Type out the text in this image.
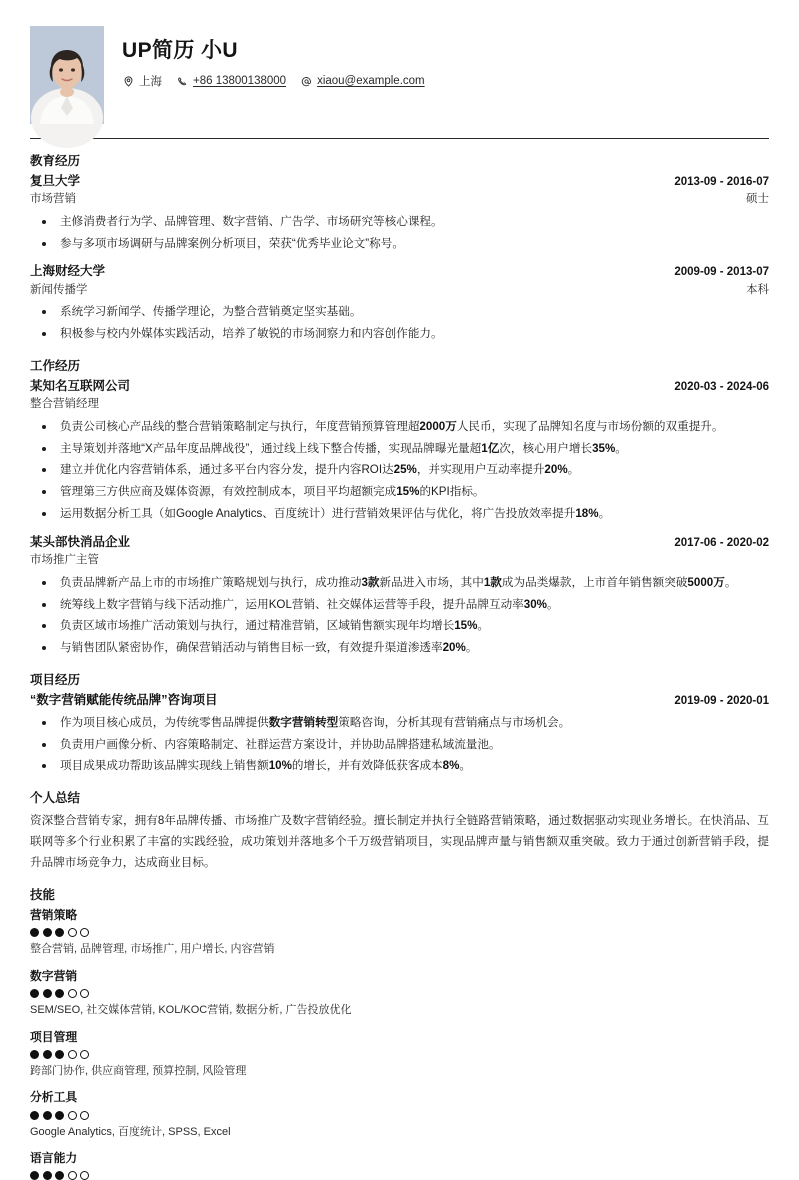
UP简历 小U
上海	+86 13800138000	xiaou@example.com
教育经历
复旦大学	2013-09 - 2016-07
市场营销	硕士
主修消费者行为学、品牌管理、数字营销、广告学、市场研究等核心课程。
参与多项市场调研与品牌案例分析项目，荣获“优秀毕业论文”称号。
上海财经大学	2009-09 - 2013-07
新闻传播学	本科
系统学习新闻学、传播学理论，为整合营销奠定坚实基础。
积极参与校内外媒体实践活动，培养了敏锐的市场洞察力和内容创作能力。
工作经历
某知名互联网公司	2020-03 - 2024-06
整合营销经理
负责公司核心产品线的整合营销策略制定与执行，年度营销预算管理超2000万人民币，实现了品牌知名度与市场份额的双重提升。
主导策划并落地“X产品年度品牌战役”，通过线上线下整合传播，实现品牌曝光量超1亿次，核心用户增长35%。
建立并优化内容营销体系，通过多平台内容分发，提升内容ROI达25%，并实现用户互动率提升20%。
管理第三方供应商及媒体资源，有效控制成本，项目平均超额完成15%的KPI指标。
运用数据分析工具（如Google Analytics、百度统计）进行营销效果评估与优化，将广告投放效率提升18%。
某头部快消品企业	2017-06 - 2020-02
市场推广主管
负责品牌新产品上市的市场推广策略规划与执行，成功推动3款新品进入市场，其中1款成为品类爆款，上市首年销售额突破5000万。
统筹线上数字营销与线下活动推广，运用KOL营销、社交媒体运营等手段，提升品牌互动率30%。
负责区域市场推广活动策划与执行，通过精准营销，区域销售额实现年均增长15%。
与销售团队紧密协作，确保营销活动与销售目标一致，有效提升渠道渗透率20%。
项目经历
“数字营销赋能传统品牌”咨询项目	2019-09 - 2020-01
作为项目核心成员，为传统零售品牌提供数字营销转型策略咨询，分析其现有营销痛点与市场机会。
负责用户画像分析、内容策略制定、社群运营方案设计，并协助品牌搭建私域流量池。
项目成果成功帮助该品牌实现线上销售额10%的增长，并有效降低获客成本8%。
个人总结
资深整合营销专家，拥有8年品牌传播、市场推广及数字营销经验。擅长制定并执行全链路营销策略，通过数据驱动实现业务增长。在快消品、互联网等多个行业积累了丰富的实践经验，成功策划并落地多个千万级营销项目，实现品牌声量与销售额双重突破。致力于通过创新营销手段，提升品牌市场竞争力，达成商业目标。
技能
营销策略
整合营销, 品牌管理, 市场推广, 用户增长, 内容营销
数字营销
SEM/SEO, 社交媒体营销, KOL/KOC营销, 数据分析, 广告投放优化
项目管理
跨部门协作, 供应商管理, 预算控制, 风险管理
分析工具
Google Analytics, 百度统计, SPSS, Excel
语言能力
